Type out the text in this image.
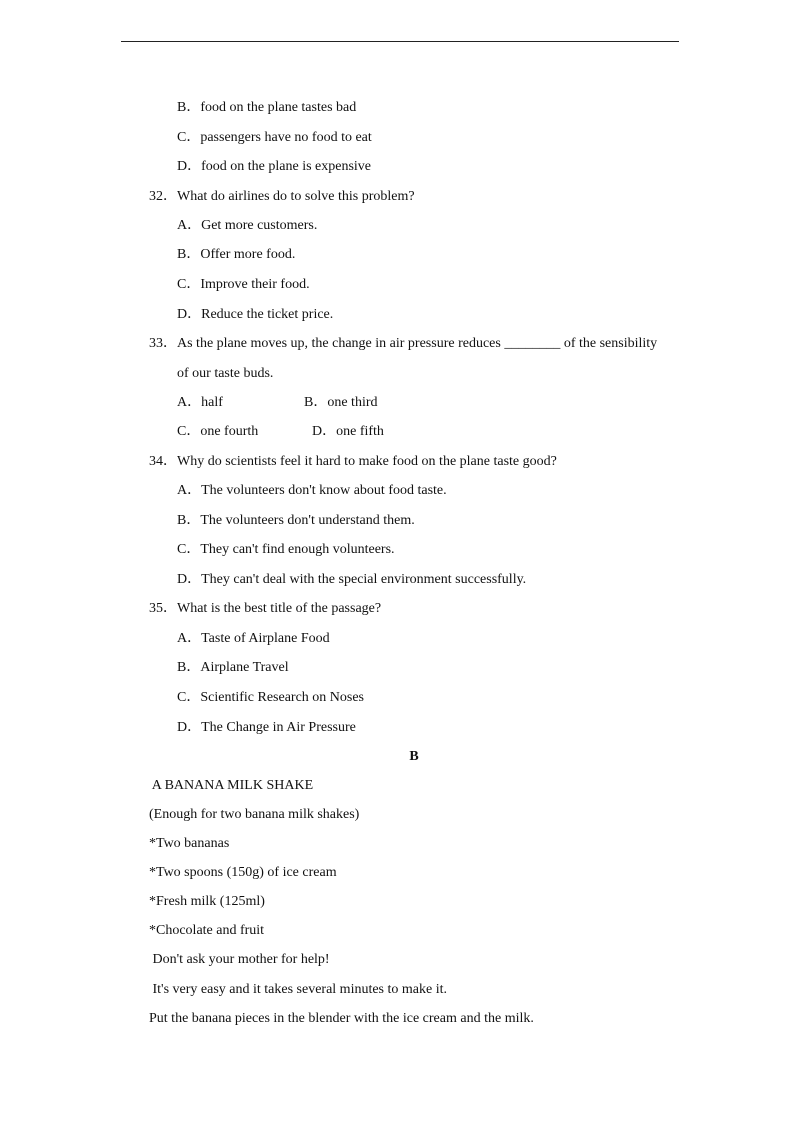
B．food on the plane tastes bad
C．passengers have no food to eat
D．food on the plane is expensive
32．What do airlines do to solve this problem?
A．Get more customers.
B．Offer more food.
C．Improve their food.
D．Reduce the ticket price.
33．As the plane moves up, the change in air pressure reduces ________ of the sensibility
of our taste buds.
A．half	B．one third
C．one fourth	D．one fifth
34．Why do scientists feel it hard to make food on the plane taste good?
A．The volunteers don't know about food taste.
B．The volunteers don't understand them.
C．They can't find enough volunteers.
D．They can't deal with the special environment successfully.
35．What is the best title of the passage?
A．Taste of Airplane Food
B．Airplane Travel
C．Scientific Research on Noses
D．The Change in Air Pressure
B
A BANANA MILK SHAKE
(Enough for two banana milk shakes)
*Two bananas
*Two spoons (150g) of ice cream
*Fresh milk (125ml)
*Chocolate and fruit
Don't ask your mother for help!
It's very easy and it takes several minutes to make it.
Put the banana pieces in the blender with the ice cream and the milk.
